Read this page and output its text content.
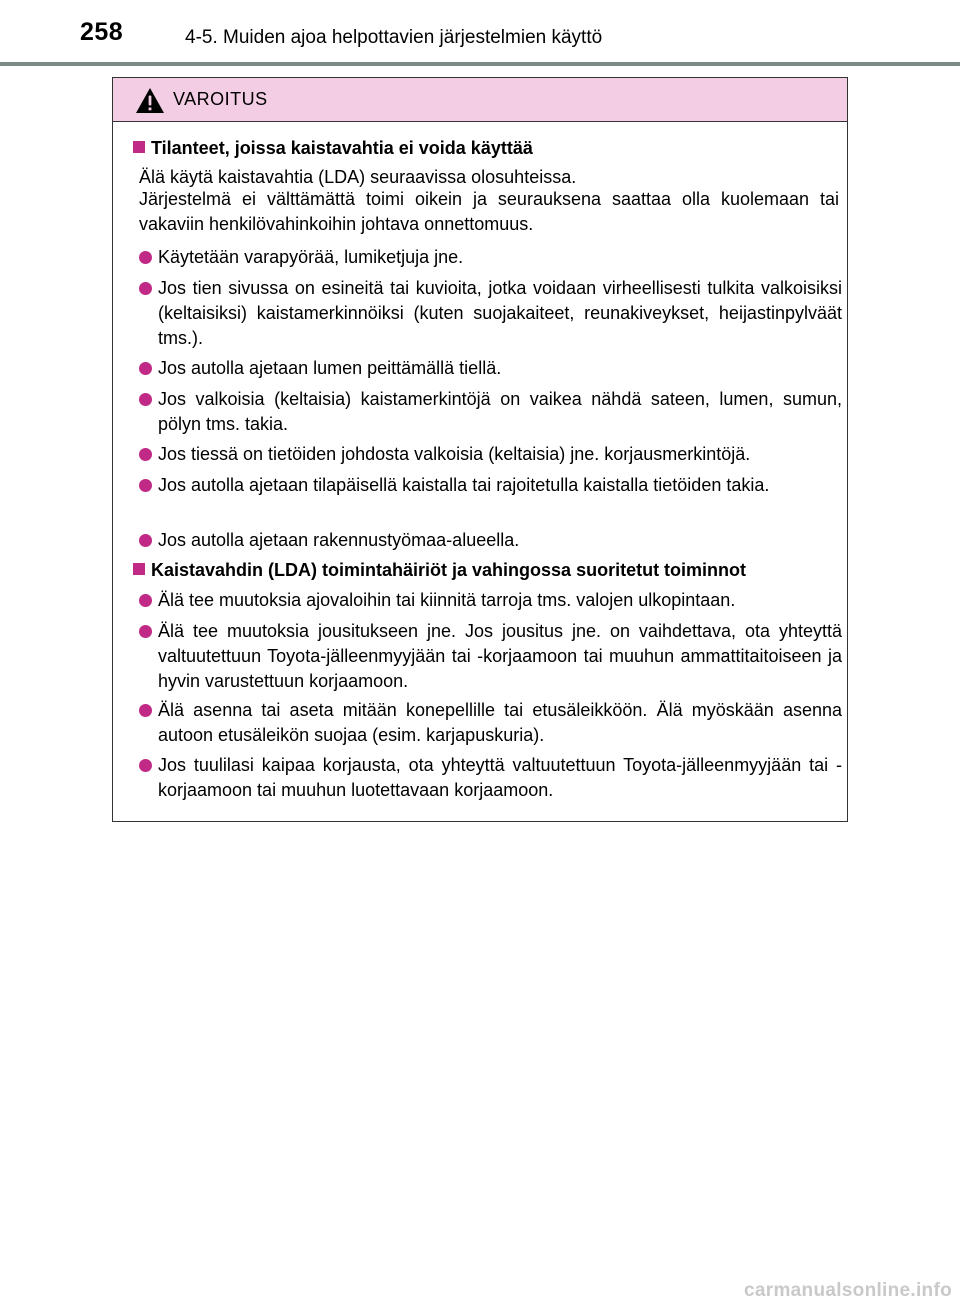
258	4-5. Muiden ajoa helpottavien järjestelmien käyttö
VAROITUS
Tilanteet, joissa kaistavahtia ei voida käyttää
Älä käytä kaistavahtia (LDA) seuraavissa olosuhteissa.
Järjestelmä ei välttämättä toimi oikein ja seurauksena saattaa olla kuolemaan tai vakaviin henkilövahinkoihin johtava onnettomuus.
Käytetään varapyörää, lumiketjuja jne.
Jos tien sivussa on esineitä tai kuvioita, jotka voidaan virheellisesti tulkita valkoisiksi (keltaisiksi) kaistamerkinnöiksi (kuten suojakaiteet, reunakiveykset, heijastinpylväät tms.).
Jos autolla ajetaan lumen peittämällä tiellä.
Jos valkoisia (keltaisia) kaistamerkintöjä on vaikea nähdä sateen, lumen, sumun, pölyn tms. takia.
Jos tiessä on tietöiden johdosta valkoisia (keltaisia) jne. korjausmerkintöjä.
Jos autolla ajetaan tilapäisellä kaistalla tai rajoitetulla kaistalla tietöiden takia.
Jos autolla ajetaan rakennustyömaa-alueella.
Kaistavahdin (LDA) toimintahäiriöt ja vahingossa suoritetut toiminnot
Älä tee muutoksia ajovaloihin tai kiinnitä tarroja tms. valojen ulkopintaan.
Älä tee muutoksia jousitukseen jne. Jos jousitus jne. on vaihdettava, ota yhteyttä valtuutettuun Toyota-jälleenmyyjään tai -korjaamoon tai muuhun ammattitaitoiseen ja hyvin varustettuun korjaamoon.
Älä asenna tai aseta mitään konepellille tai etusäleikköön. Älä myöskään asenna autoon etusäleikön suojaa (esim. karjapuskuria).
Jos tuulilasi kaipaa korjausta, ota yhteyttä valtuutettuun Toyota-jälleenmyyjään tai -korjaamoon tai muuhun luotettavaan korjaamoon.
carmanualsonline.info
